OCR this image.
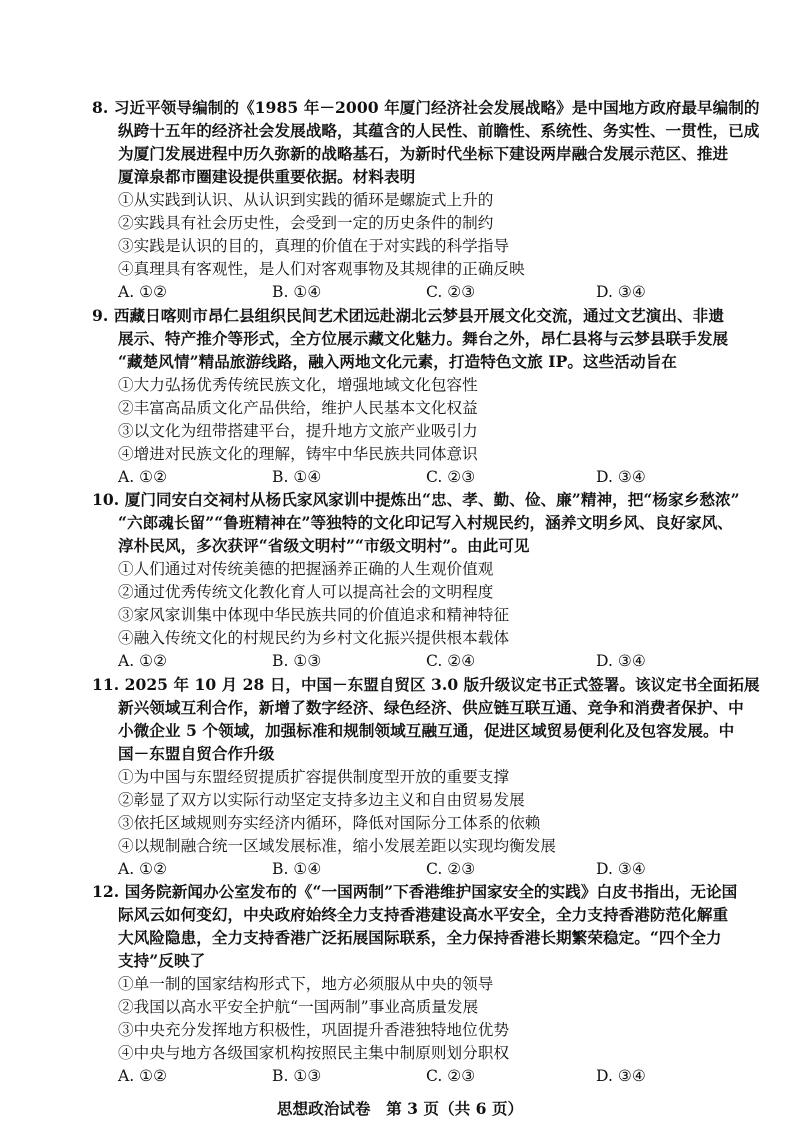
8. 习近平领导编制的《1985 年－2000 年厦门经济社会发展战略》是中国地方政府最早编制的
纵跨十五年的经济社会发展战略，其蕴含的人民性、前瞻性、系统性、务实性、一贯性，已成
为厦门发展进程中历久弥新的战略基石，为新时代坐标下建设两岸融合发展示范区、推进
厦漳泉都市圈建设提供重要依据。材料表明
①从实践到认识、从认识到实践的循环是螺旋式上升的
②实践具有社会历史性，会受到一定的历史条件的制约
③实践是认识的目的，真理的价值在于对实践的科学指导
④真理具有客观性，是人们对客观事物及其规律的正确反映
A. ①②	B. ①④	C. ②③	D. ③④
9. 西藏日喀则市昂仁县组织民间艺术团远赴湖北云梦县开展文化交流，通过文艺演出、非遗
展示、特产推介等形式，全方位展示藏文化魅力。舞台之外，昂仁县将与云梦县联手发展
“藏楚风情”精品旅游线路，融入两地文化元素，打造特色文旅 IP。这些活动旨在
①大力弘扬优秀传统民族文化，增强地域文化包容性
②丰富高品质文化产品供给，维护人民基本文化权益
③以文化为纽带搭建平台，提升地方文旅产业吸引力
④增进对民族文化的理解，铸牢中华民族共同体意识
A. ①②	B. ①④	C. ②③	D. ③④
10. 厦门同安白交祠村从杨氏家风家训中提炼出“忠、孝、勤、俭、廉”精神，把“杨家乡愁浓”
“六郎魂长留”“鲁班精神在”等独特的文化印记写入村规民约，涵养文明乡风、良好家风、
淳朴民风，多次获评“省级文明村”“市级文明村”。由此可见
①人们通过对传统美德的把握涵养正确的人生观价值观
②通过优秀传统文化教化育人可以提高社会的文明程度
③家风家训集中体现中华民族共同的价值追求和精神特征
④融入传统文化的村规民约为乡村文化振兴提供根本载体
A. ①②	B. ①③	C. ②④	D. ③④
11. 2025 年 10 月 28 日，中国－东盟自贸区 3.0 版升级议定书正式签署。该议定书全面拓展
新兴领域互利合作，新增了数字经济、绿色经济、供应链互联互通、竞争和消费者保护、中
小微企业 5 个领域，加强标准和规制领域互融互通，促进区域贸易便利化及包容发展。中
国－东盟自贸合作升级
①为中国与东盟经贸提质扩容提供制度型开放的重要支撑
②彰显了双方以实际行动坚定支持多边主义和自由贸易发展
③依托区域规则夯实经济内循环，降低对国际分工体系的依赖
④以规制融合统一区域发展标准，缩小发展差距以实现均衡发展
A. ①②	B. ①④	C. ②③	D. ③④
12. 国务院新闻办公室发布的《“一国两制”下香港维护国家安全的实践》白皮书指出，无论国
际风云如何变幻，中央政府始终全力支持香港建设高水平安全，全力支持香港防范化解重
大风险隐患，全力支持香港广泛拓展国际联系，全力保持香港长期繁荣稳定。“四个全力
支持”反映了
①单一制的国家结构形式下，地方必须服从中央的领导
②我国以高水平安全护航“一国两制”事业高质量发展
③中央充分发挥地方积极性，巩固提升香港独特地位优势
④中央与地方各级国家机构按照民主集中制原则划分职权
A. ①②	B. ①③	C. ②③	D. ③④
思想政治试卷　第 3 页（共 6 页）
